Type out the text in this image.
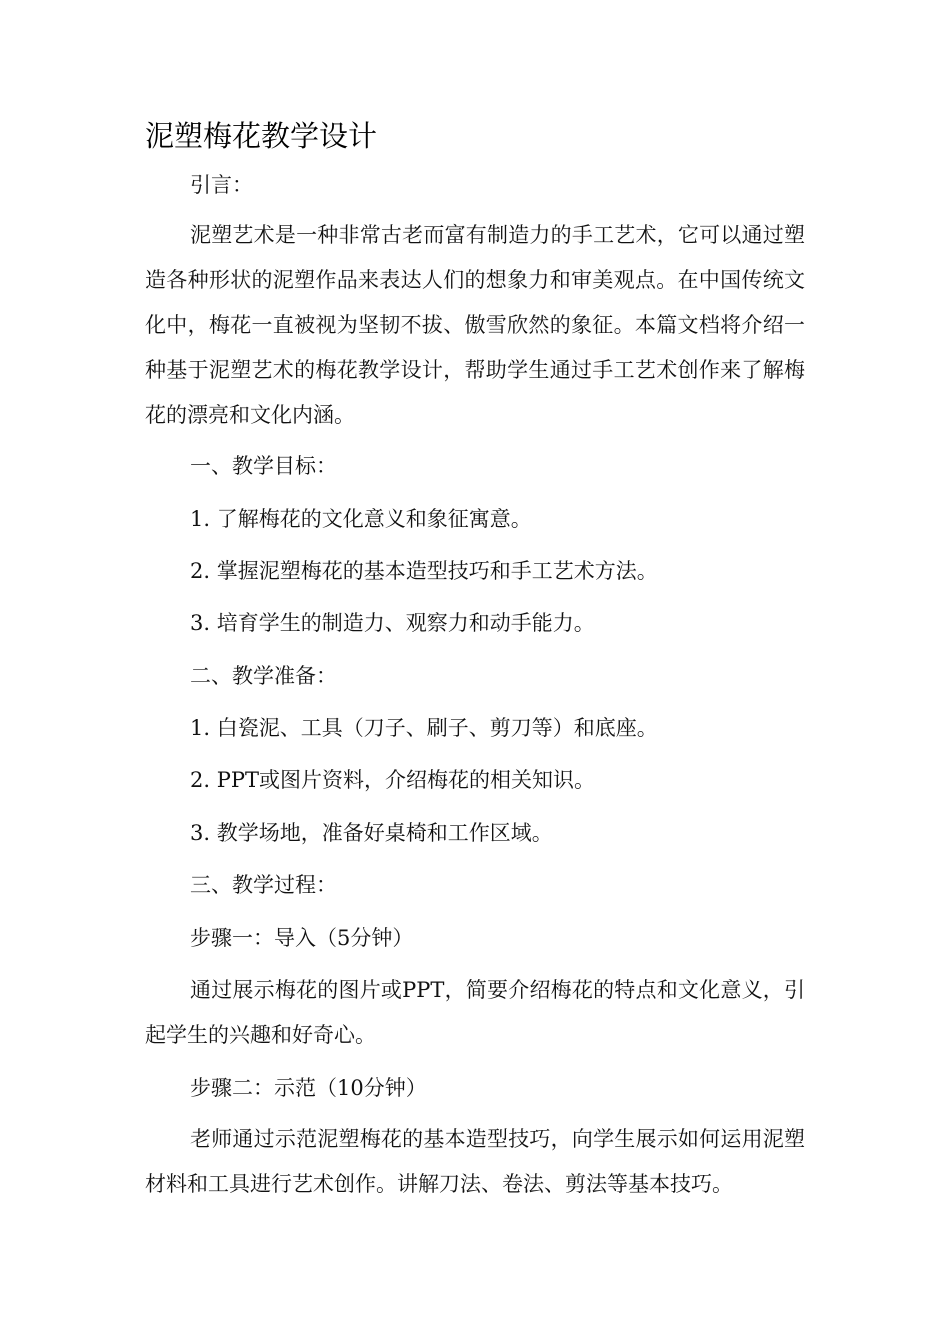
泥塑梅花教学设计

引言：

泥塑艺术是一种非常古老而富有制造力的手工艺术，它可以通过塑造各种形状的泥塑作品来表达人们的想象力和审美观点。在中国传统文化中，梅花一直被视为坚韧不拔、傲雪欣然的象征。本篇文档将介绍一种基于泥塑艺术的梅花教学设计，帮助学生通过手工艺术创作来了解梅花的漂亮和文化内涵。

一、教学目标：

1. 了解梅花的文化意义和象征寓意。

2. 掌握泥塑梅花的基本造型技巧和手工艺术方法。

3. 培育学生的制造力、观察力和动手能力。

二、教学准备：

1. 白瓷泥、工具（刀子、刷子、剪刀等）和底座。

2. PPT或图片资料，介绍梅花的相关知识。

3. 教学场地，准备好桌椅和工作区域。

三、教学过程：

步骤一：导入（5分钟）

通过展示梅花的图片或PPT，简要介绍梅花的特点和文化意义，引起学生的兴趣和好奇心。

步骤二：示范（10分钟）

老师通过示范泥塑梅花的基本造型技巧，向学生展示如何运用泥塑材料和工具进行艺术创作。讲解刀法、卷法、剪法等基本技巧。
